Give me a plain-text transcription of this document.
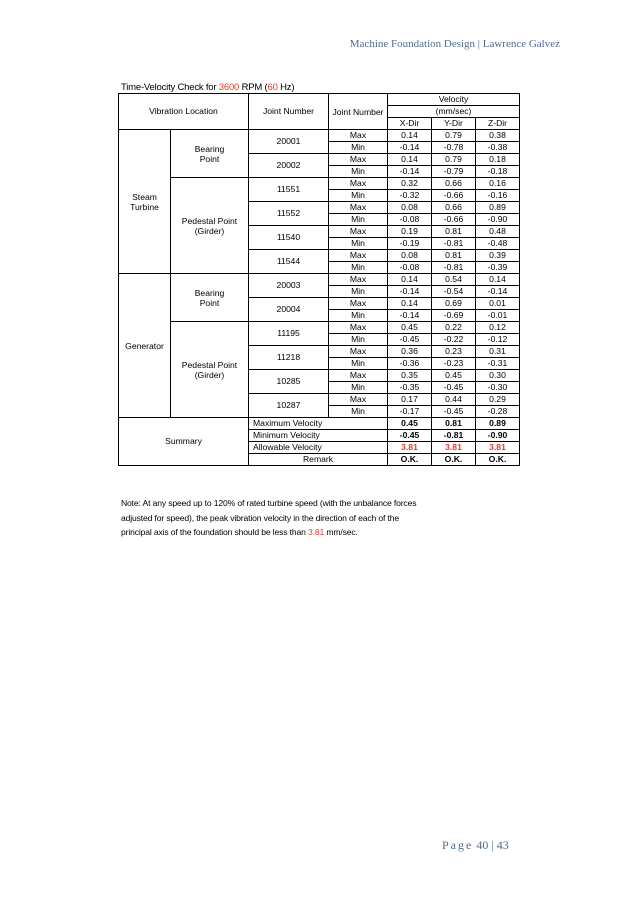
Machine Foundation Design | Lawrence Galvez
Time-Velocity Check for 3600 RPM (60 Hz)
Vibration Location		Joint Number	Joint Number	Velocity		
				(mm/sec)		
				X-Dir	Y-Dir	Z-Dir
Steam Turbine	Bearing Point	20001	Max	0.14	0.79	0.38
			Min	-0.14	-0.78	-0.38
		20002	Max	0.14	0.79	0.18
			Min	-0.14	-0.79	-0.18
	Pedestal Point (Girder)	11551	Max	0.32	0.66	0.16
			Min	-0.32	-0.66	-0.16
		11552	Max	0.08	0.66	0.89
			Min	-0.08	-0.66	-0.90
		11540	Max	0.19	0.81	0.48
			Min	-0.19	-0.81	-0.48
		11544	Max	0.08	0.81	0.39
			Min	-0.08	-0.81	-0.39
Generator	Bearing Point	20003	Max	0.14	0.54	0.14
			Min	-0.14	-0.54	-0.14
		20004	Max	0.14	0.69	0.01
			Min	-0.14	-0.69	-0.01
	Pedestal Point (Girder)	11195	Max	0.45	0.22	0.12
			Min	-0.45	-0.22	-0.12
		11218	Max	0.36	0.23	0.31
			Min	-0.36	-0.23	-0.31
		10285	Max	0.35	0.45	0.30
			Min	-0.35	-0.45	-0.30
		10287	Max	0.17	0.44	0.29
			Min	-0.17	-0.45	-0.28
Summary		Maximum Velocity		0.45	0.81	0.89
		Minimum Velocity		-0.45	-0.81	-0.90
		Allowable Velocity		3.81	3.81	3.81
		Remark		O.K.	O.K.	O.K.
Note: At any speed up to 120% of rated turbine speed (with the unbalance forces
adjusted for speed), the peak vibration velocity in the direction of each of the
principal axis of the foundation should be less than 3.81 mm/sec.
Page 40 | 43
